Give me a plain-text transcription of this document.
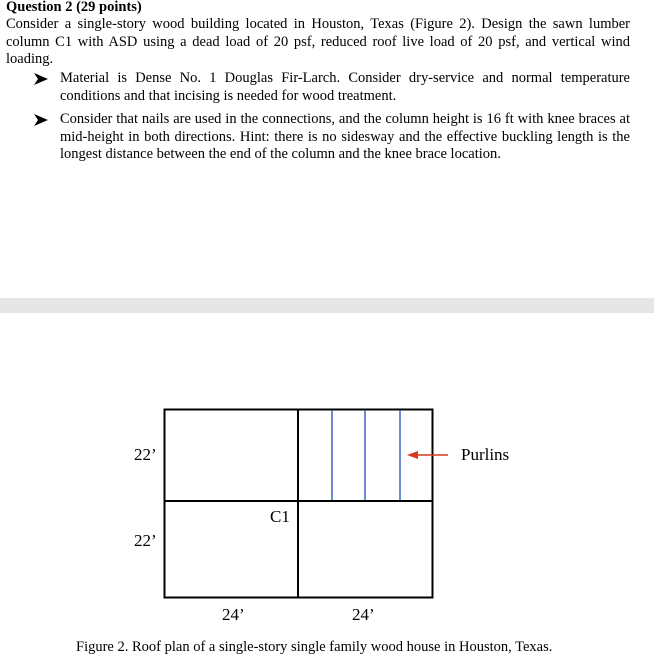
Question 2 (29 points)

Consider a single-story wood building located in Houston, Texas (Figure 2). Design the sawn lumber column C1 with ASD using a dead load of 20 psf, reduced roof live load of 20 psf, and vertical wind loading.

Material is Dense No. 1 Douglas Fir-Larch. Consider dry-service and normal temperature conditions and that incising is needed for wood treatment.
Consider that nails are used in the connections, and the column height is 16 ft with knee braces at mid-height in both directions. Hint: there is no sidesway and the effective buckling length is the longest distance between the end of the column and the knee brace location.
22’
22’
C1
Purlins
24’	24’
Figure 2. Roof plan of a single-story single family wood house in Houston, Texas.
